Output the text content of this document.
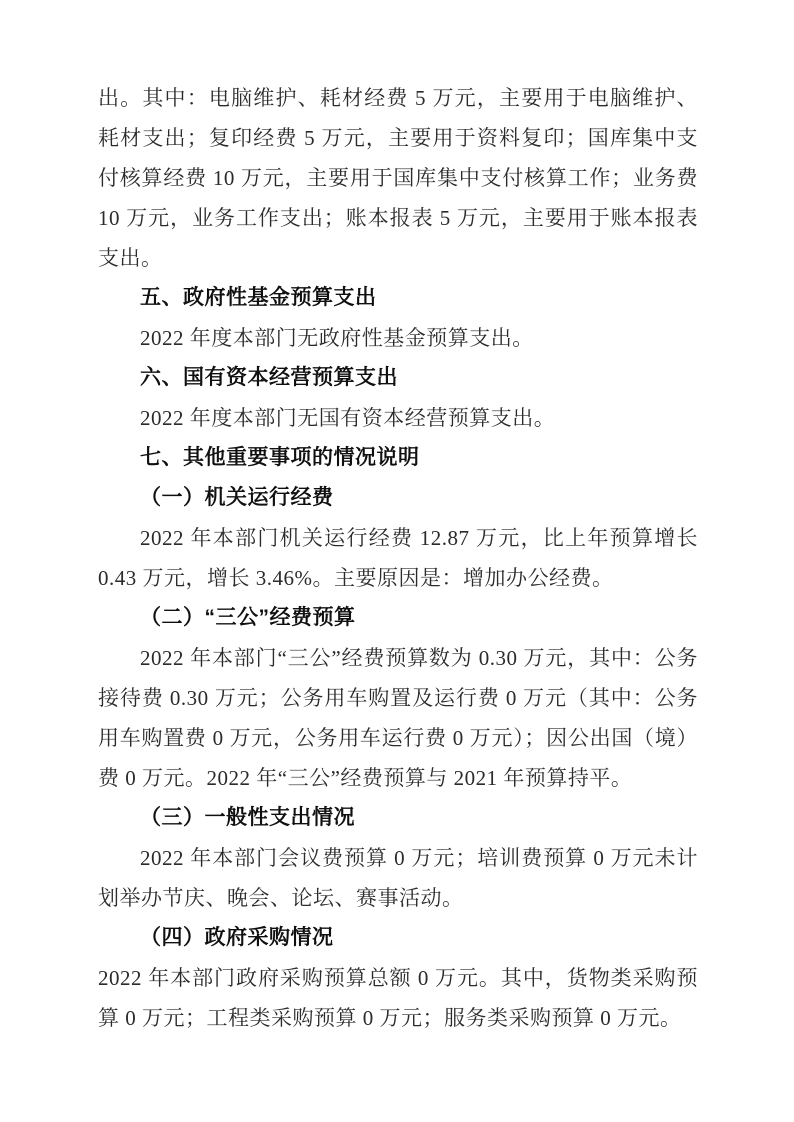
出。其中：电脑维护、耗材经费 5 万元，主要用于电脑维护、耗材支出；复印经费 5 万元，主要用于资料复印；国库集中支付核算经费 10 万元，主要用于国库集中支付核算工作；业务费 10 万元，业务工作支出；账本报表 5 万元，主要用于账本报表支出。

五、政府性基金预算支出

2022 年度本部门无政府性基金预算支出。

六、国有资本经营预算支出

2022 年度本部门无国有资本经营预算支出。

七、其他重要事项的情况说明
（一）机关运行经费

2022 年本部门机关运行经费 12.87 万元，比上年预算增长 0.43 万元，增长 3.46%。主要原因是：增加办公经费。

（二）“三公”经费预算

2022 年本部门“三公”经费预算数为 0.30 万元，其中：公务接待费 0.30 万元；公务用车购置及运行费 0 万元（其中：公务用车购置费 0 万元，公务用车运行费 0 万元）；因公出国（境）费 0 万元。2022 年“三公”经费预算与 2021 年预算持平。

（三）一般性支出情况

2022 年本部门会议费预算 0 万元；培训费预算 0 万元未计划举办节庆、晚会、论坛、赛事活动。

（四）政府采购情况

2022 年本部门政府采购预算总额 0 万元。其中，货物类采购预算 0 万元；工程类采购预算 0 万元；服务类采购预算 0 万元。
